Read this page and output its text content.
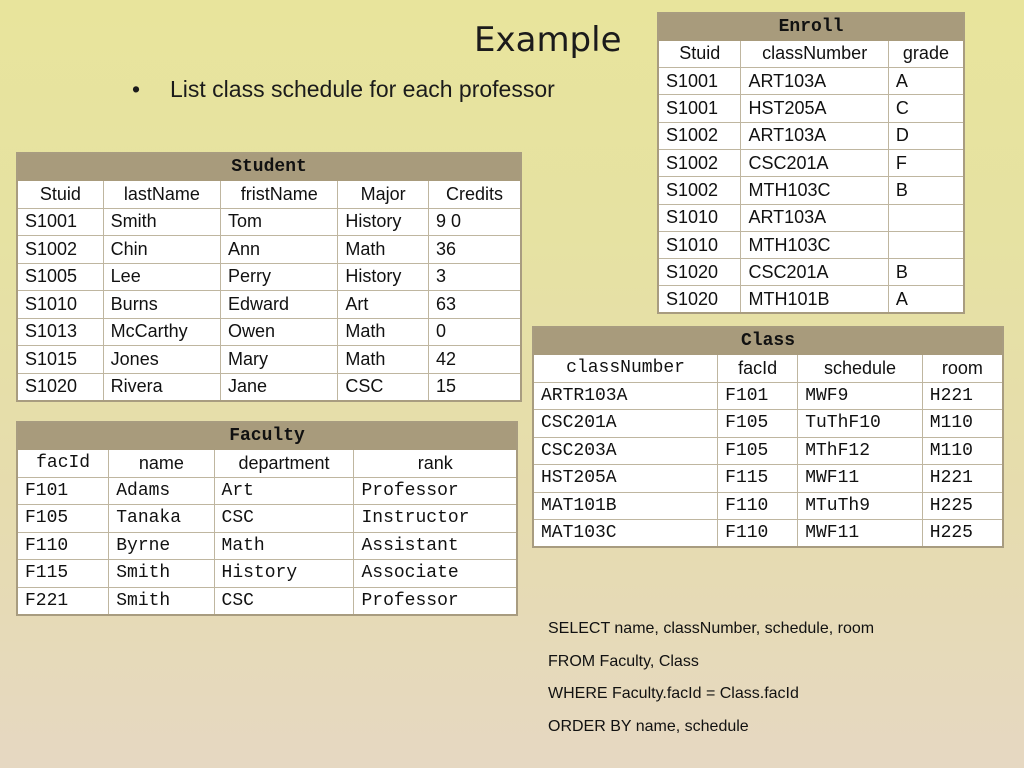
Example
• List class schedule for each professor
Student				
Stuid	lastName	fristName	Major	Credits
S1001	Smith	Tom	History	9 0
S1002	Chin	Ann	Math	36
S1005	Lee	Perry	History	3
S1010	Burns	Edward	Art	63
S1013	McCarthy	Owen	Math	0
S1015	Jones	Mary	Math	42
S1020	Rivera	Jane	CSC	15
Enroll		
Stuid	classNumber	grade
S1001	ART103A	A
S1001	HST205A	C
S1002	ART103A	D
S1002	CSC201A	F
S1002	MTH103C	B
S1010	ART103A	
S1010	MTH103C	
S1020	CSC201A	B
S1020	MTH101B	A
Faculty			
facId	name	department	rank
F101	Adams	Art	Professor
F105	Tanaka	CSC	Instructor
F110	Byrne	Math	Assistant
F115	Smith	History	Associate
F221	Smith	CSC	Professor
Class			
classNumber	facId	schedule	room
ARTR103A	F101	MWF9	H221
CSC201A	F105	TuThF10	M110
CSC203A	F105	MThF12	M110
HST205A	F115	MWF11	H221
MAT101B	F110	MTuTh9	H225
MAT103C	F110	MWF11	H225
SELECT name, classNumber, schedule, room
FROM Faculty, Class
WHERE Faculty.facId = Class.facId
ORDER BY name, schedule
